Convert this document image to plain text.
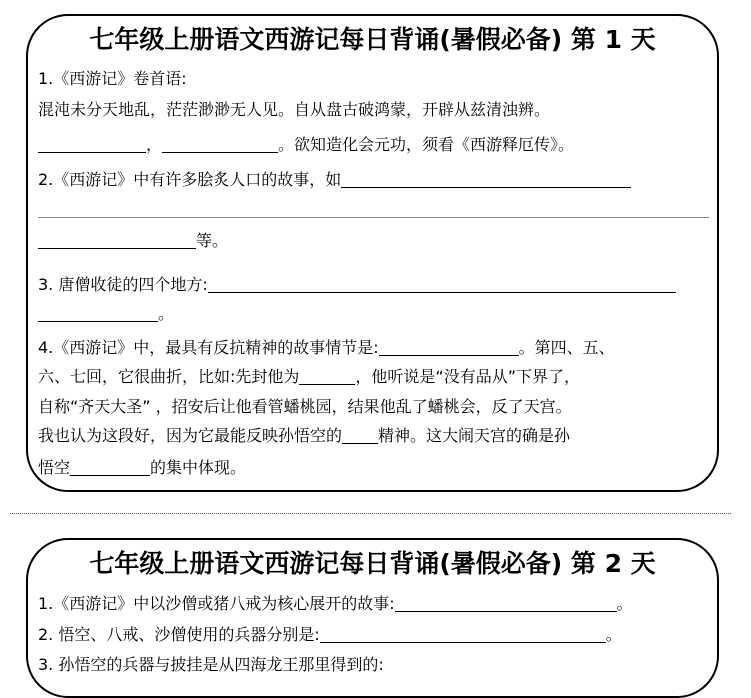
七年级上册语文西游记每日背诵(暑假必备) 第 1 天
1.《西游记》卷首语:
混沌未分天地乱，茫茫渺渺无人见。自从盘古破鸿蒙，开辟从兹清浊辨。
，	。欲知造化会元功，须看《西游释厄传》。
2.《西游记》中有许多脍炙人口的故事，如
等。
3. 唐僧收徒的四个地方:
。
4.《西游记》中，最具有反抗精神的故事情节是:	。第四、五、
六、七回，它很曲折，比如:先封他为	，他听说是“没有品从”下界了，
自称“齐天大圣” ，招安后让他看管蟠桃园，结果他乱了蟠桃会，反了天宫。
我也认为这段好，因为它最能反映孙悟空的 精神。这大闹天宫的确是孙
悟空	的集中体现。
七年级上册语文西游记每日背诵(暑假必备) 第 2 天
1.《西游记》中以沙僧或猪八戒为核心展开的故事:	。
2. 悟空、八戒、沙僧使用的兵器分别是:	。
3. 孙悟空的兵器与披挂是从四海龙王那里得到的:
